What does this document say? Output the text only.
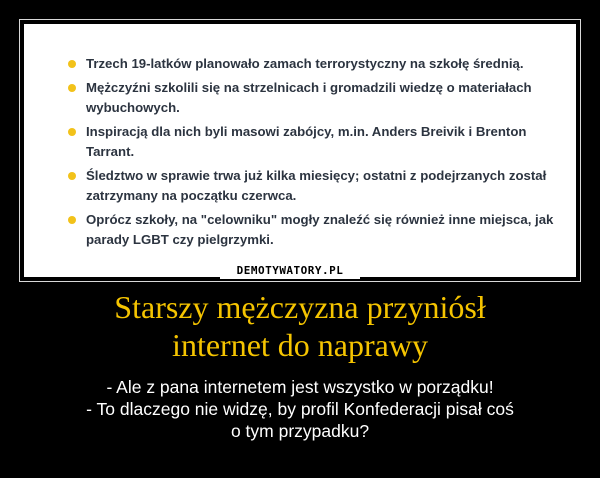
Trzech 19-latków planowało zamach terrorystyczny na szkołę średnią.
Mężczyźni szkolili się na strzelnicach i gromadzili wiedzę o materiałach wybuchowych.
Inspiracją dla nich byli masowi zabójcy, m.in. Anders Breivik i Brenton Tarrant.
Śledztwo w sprawie trwa już kilka miesięcy; ostatni z podejrzanych został zatrzymany na początku czerwca.
Oprócz szkoły, na "celowniku" mogły znaleźć się również inne miejsca, jak parady LGBT czy pielgrzymki.
DEMOTYWATORY.PL
Starszy mężczyzna przyniósł
internet do naprawy
- Ale z pana internetem jest wszystko w porządku!
- To dlaczego nie widzę, by profil Konfederacji pisał coś
o tym przypadku?
